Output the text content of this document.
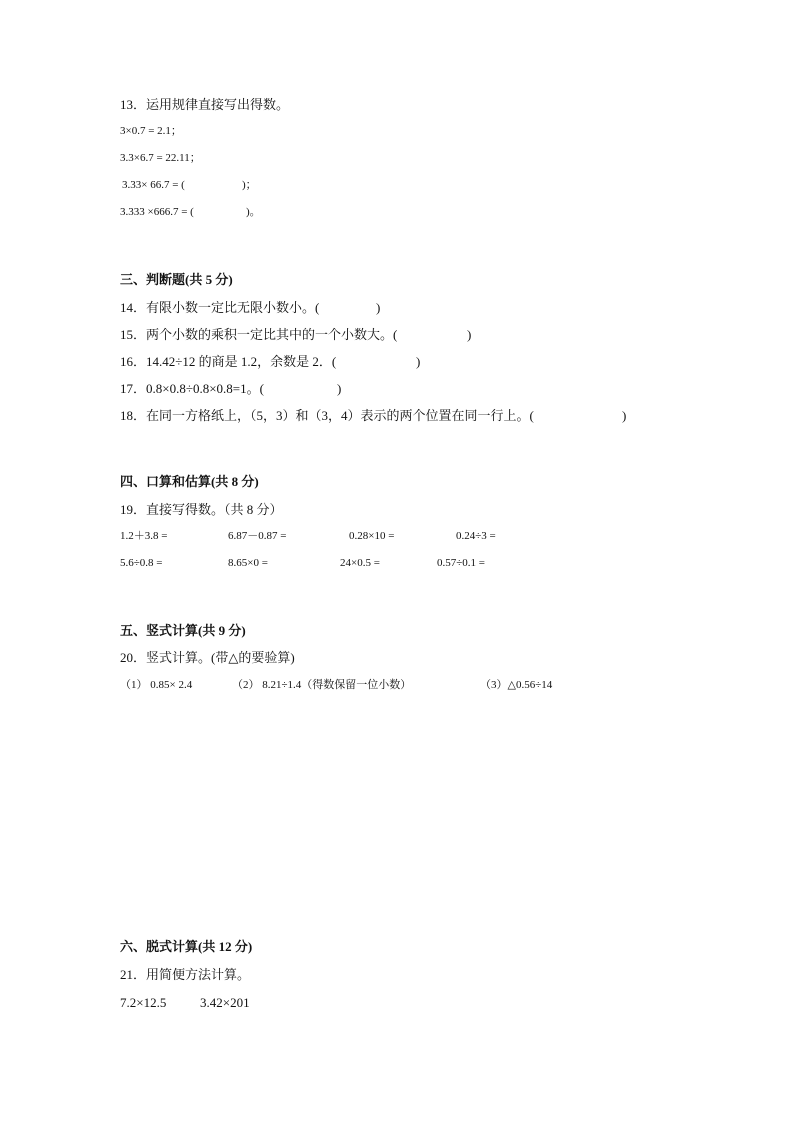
13．运用规律直接写出得数。
3×0.7 = 2.1；
3.3×6.7 = 22.11；
3.33× 66.7 = (	)；
3.333 ×666.7 = (	)。
三、判断题(共 5 分)
14．有限小数一定比无限小数小。(	)
15．两个小数的乘积一定比其中的一个小数大。(	)
16．14.42÷12 的商是 1.2，余数是 2．(	)
17．0.8×0.8÷0.8×0.8=1。(	)
18．在同一方格纸上，（5，3）和（3，4）表示的两个位置在同一行上。(	)
四、口算和估算(共 8 分)
19．直接写得数。（共 8 分）
1.2＋3.8 =	6.87－0.87 =	0.28×10 =	0.24÷3 =
5.6÷0.8 =	8.65×0 =	24×0.5 =	0.57÷0.1 =
五、竖式计算(共 9 分)
20．竖式计算。(带△的要验算)
（1） 0.85× 2.4	（2） 8.21÷1.4（得数保留一位小数）	（3）△0.56÷14
六、脱式计算(共 12 分)
21．用简便方法计算。
7.2×12.5	3.42×201
